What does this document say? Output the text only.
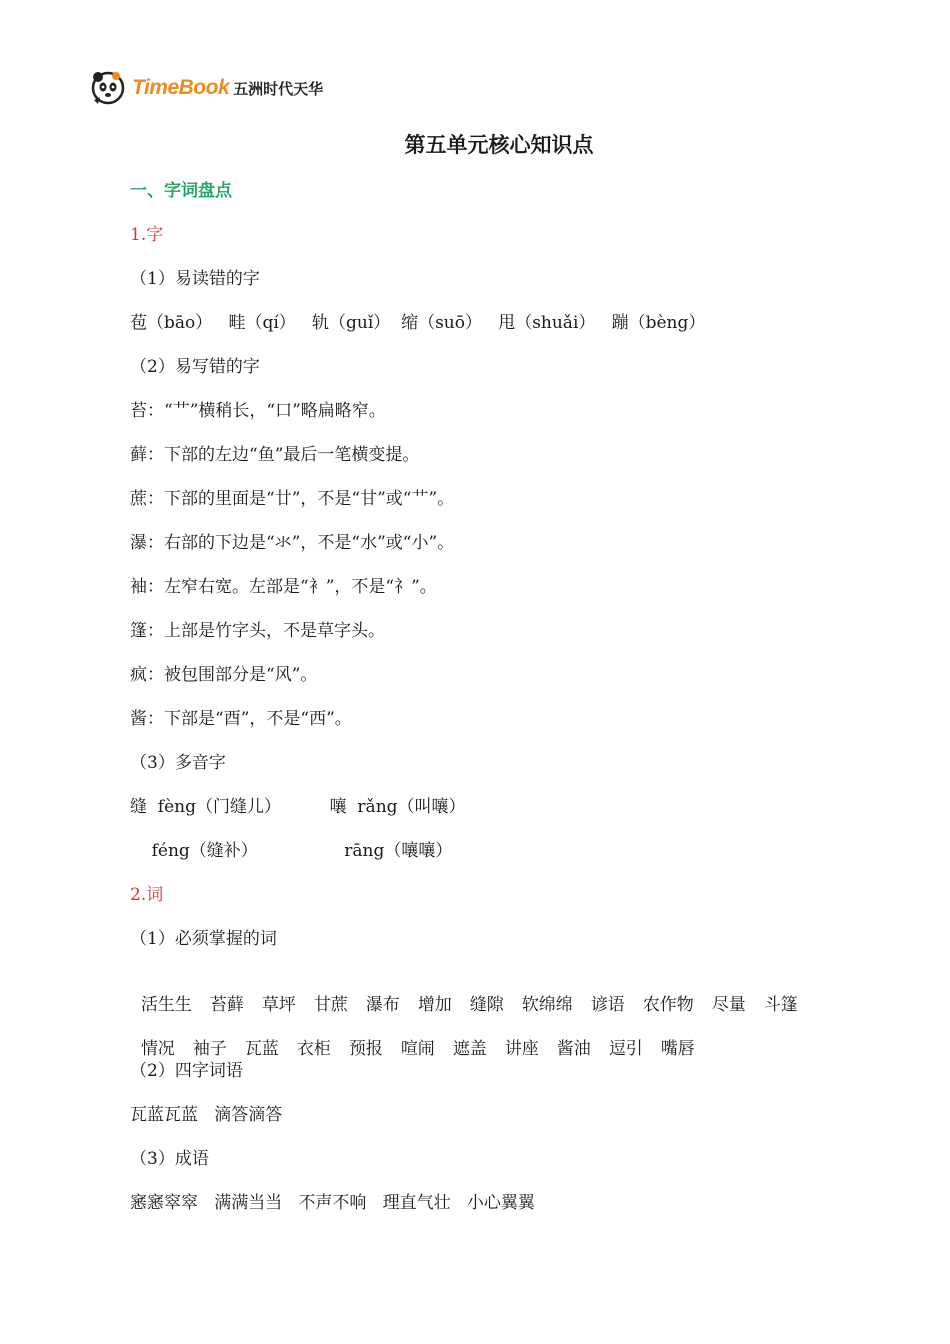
TimeBook 五洲时代天华
第五单元核心知识点
一、字词盘点
1.字
（1）易读错的字
苞（bāo）   畦（qí）   轨（guǐ）  缩（suō）   甩（shuǎi）   蹦（bèng）
（2）易写错的字
苔：“艹”横稍长，“口”略扁略窄。
藓：下部的左边“鱼”最后一笔横变提。
蔗：下部的里面是“廿”，不是“甘”或“艹”。
瀑：右部的下边是“氺”，不是“水”或“小”。
袖：左窄右宽。左部是“衤”，不是“礻”。
篷：上部是竹字头，不是草字头。
疯：被包围部分是“风”。
酱：下部是“酉”，不是“西”。
（3）多音字
缝  fèng（门缝儿）         嚷  rǎng（叫嚷）
féng（缝补）                rāng（嚷嚷）
2.词
（1）必须掌握的词

活生生 苔藓 草坪 甘蔗 瀑布 增加 缝隙 软绵绵 谚语 农作物 尽量 斗篷

情况 袖子 瓦蓝 衣柜 预报 喧闹 遮盖 讲座 酱油 逗引 嘴唇

（2）四字词语
瓦蓝瓦蓝   滴答滴答
（3）成语
窸窸窣窣   满满当当   不声不响   理直气壮   小心翼翼
